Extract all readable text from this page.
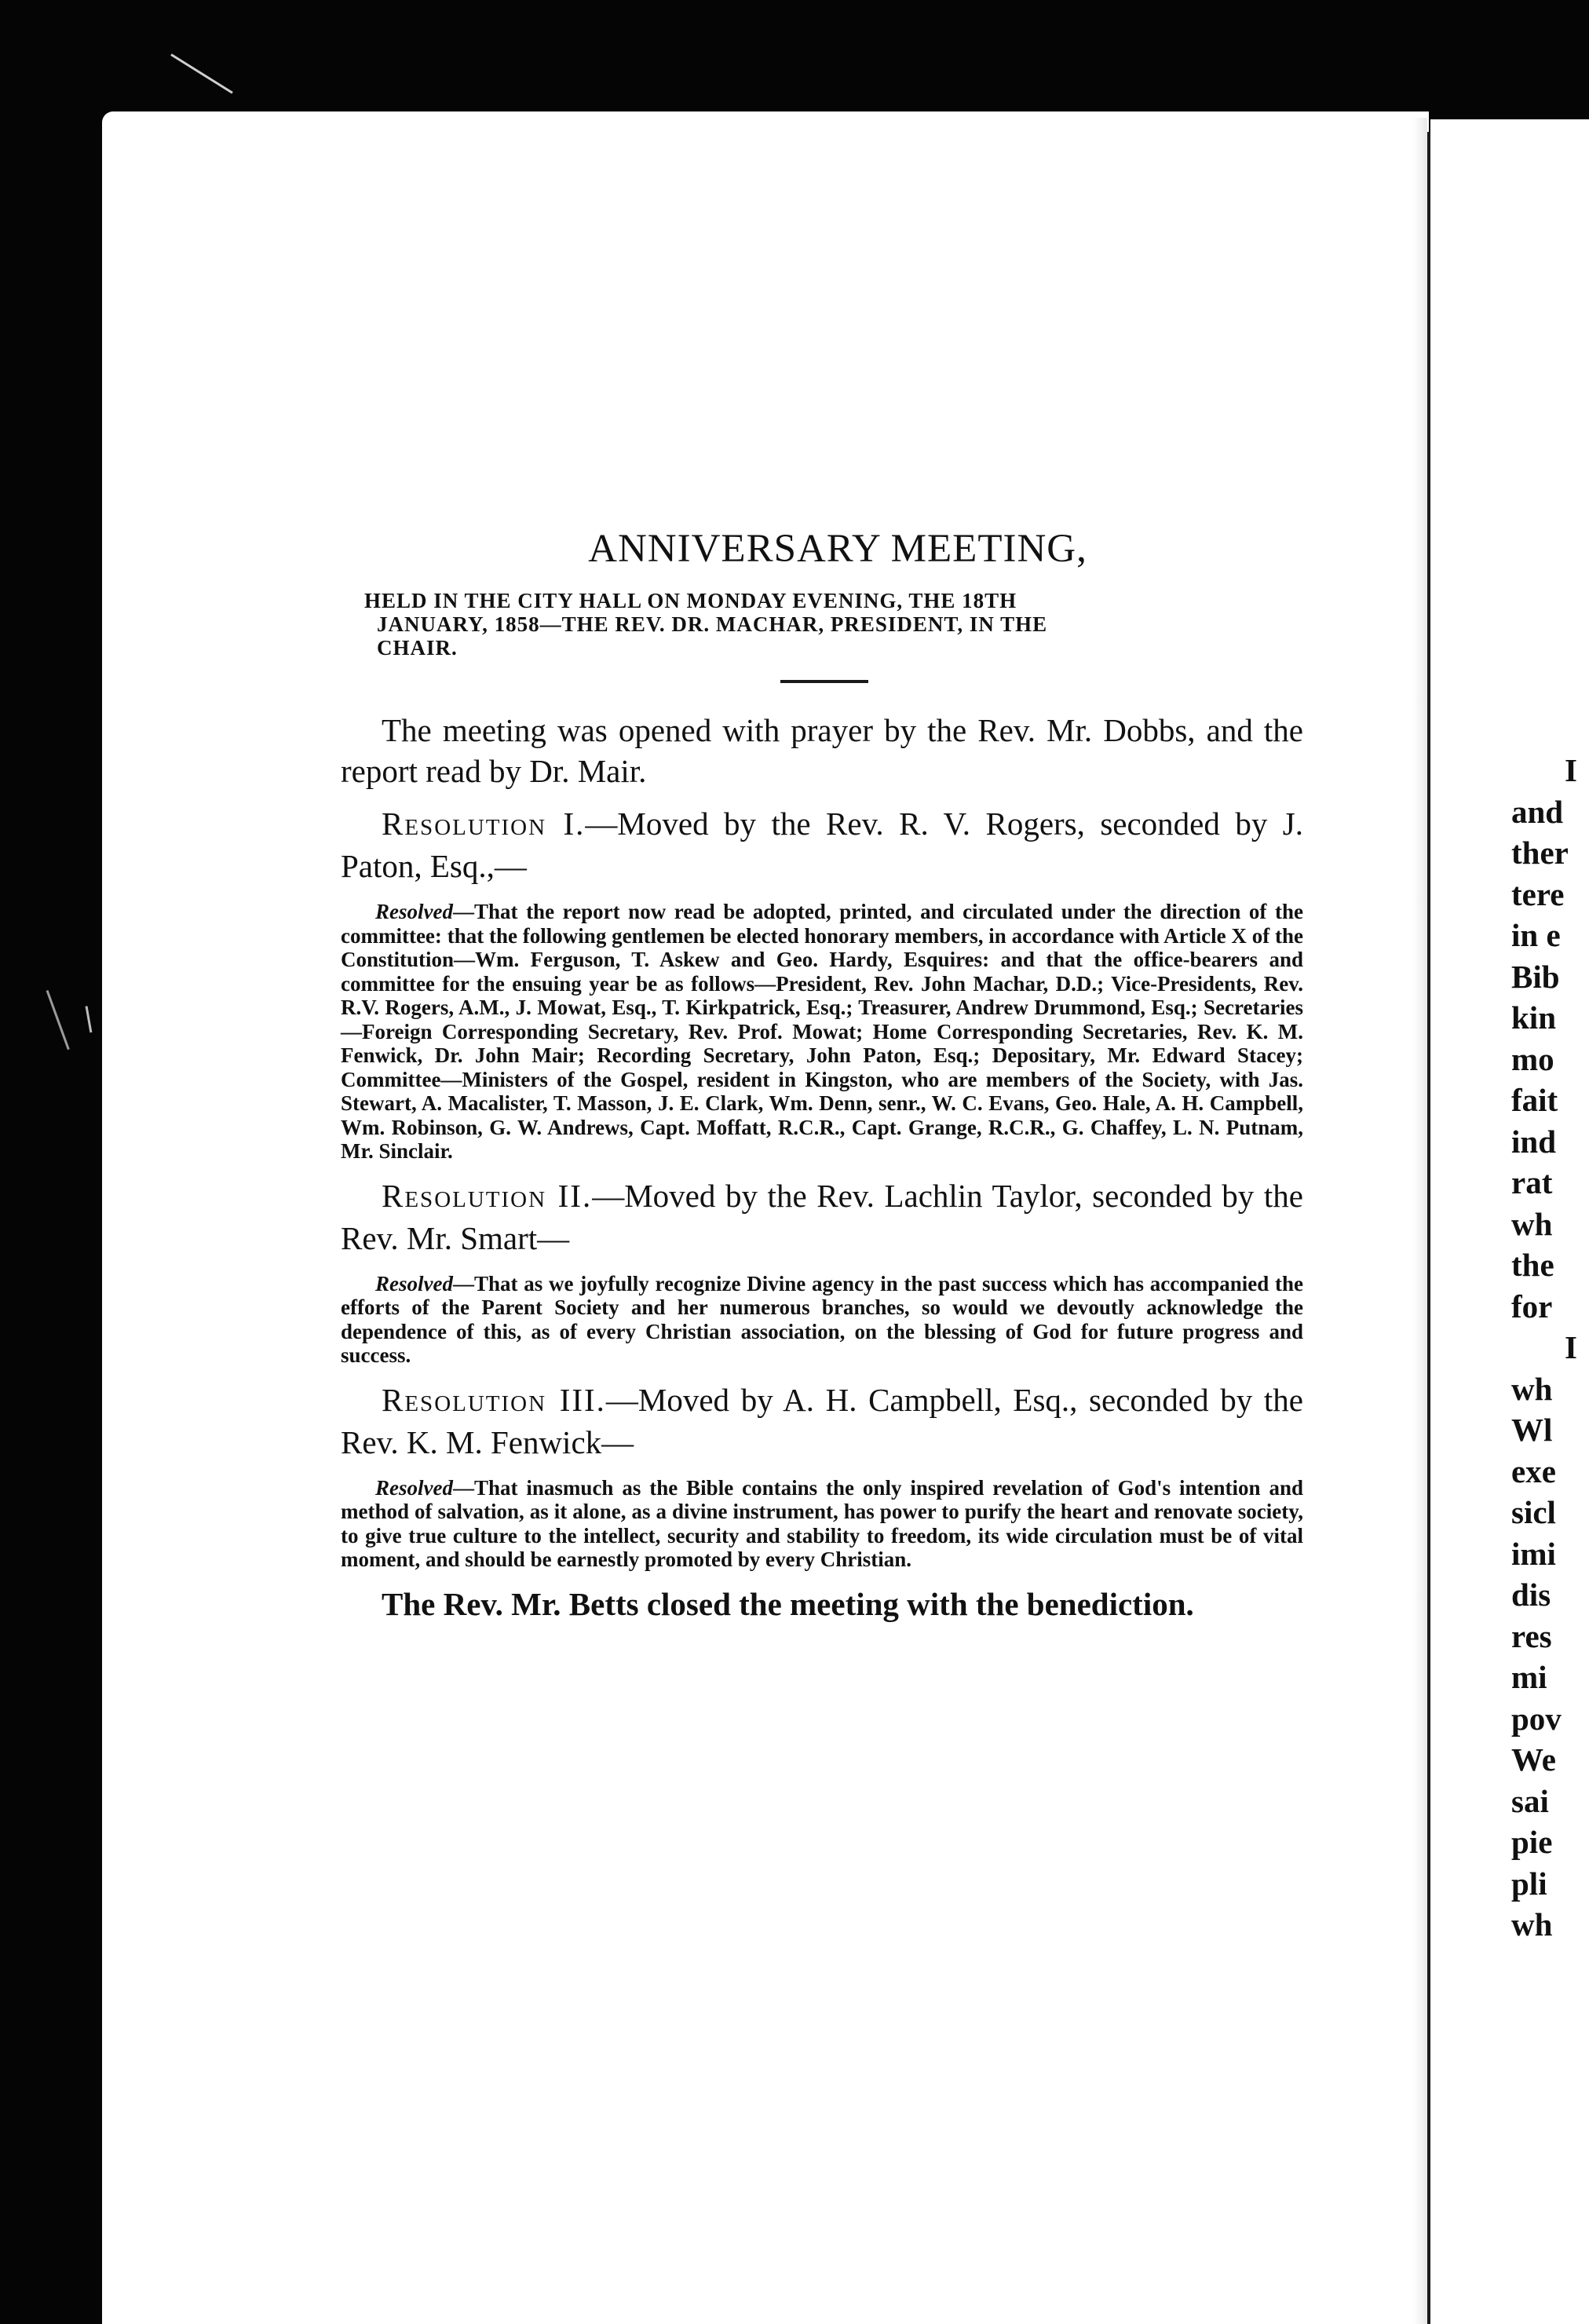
ANNIVERSARY MEETING,

HELD IN THE CITY HALL ON MONDAY EVENING, THE 18TH
JANUARY, 1858—THE REV. DR. MACHAR, PRESIDENT, IN THE
CHAIR.

The meeting was opened with prayer by the Rev. Mr. Dobbs, and the report read by Dr. Mair.

Resolution I.—Moved by the Rev. R. V. Rogers, seconded by J. Paton, Esq.,—

Resolved—That the report now read be adopted, printed, and circulated under the direction of the committee: that the following gentlemen be elected honorary members, in accordance with Article X of the Constitution—Wm. Ferguson, T. Askew and Geo. Hardy, Esquires: and that the office-bearers and committee for the ensuing year be as follows—President, Rev. John Machar, D.D.; Vice-Presidents, Rev. R.V. Rogers, A.M., J. Mowat, Esq., T. Kirkpatrick, Esq.; Treasurer, Andrew Drummond, Esq.; Secretaries—Foreign Corresponding Secretary, Rev. Prof. Mowat; Home Corresponding Secretaries, Rev. K. M. Fenwick, Dr. John Mair; Recording Secretary, John Paton, Esq.; Depositary, Mr. Edward Stacey; Committee—Ministers of the Gospel, resident in Kingston, who are members of the Society, with Jas. Stewart, A. Macalister, T. Masson, J. E. Clark, Wm. Denn, senr., W. C. Evans, Geo. Hale, A. H. Campbell, Wm. Robinson, G. W. Andrews, Capt. Moffatt, R.C.R., Capt. Grange, R.C.R., G. Chaffey, L. N. Putnam, Mr. Sinclair.

Resolution II.—Moved by the Rev. Lachlin Taylor, seconded by the Rev. Mr. Smart—

Resolved—That as we joyfully recognize Divine agency in the past success which has accompanied the efforts of the Parent Society and her numerous branches, so would we devoutly acknowledge the dependence of this, as of every Christian association, on the blessing of God for future progress and success.

Resolution III.—Moved by A. H. Campbell, Esq., seconded by the Rev. K. M. Fenwick—

Resolved—That inasmuch as the Bible contains the only inspired revelation of God's intention and method of salvation, as it alone, as a divine instrument, has power to purify the heart and renovate society, to give true culture to the intellect, security and stability to freedom, its wide circulation must be of vital moment, and should be earnestly promoted by every Christian.

The Rev. Mr. Betts closed the meeting with the benediction.

I
and
ther
tere
in e
Bib
kin
mo
fait
ind
rat
wh
the
for
I
wh
Wl
exe
sicl
imi
dis
res
mi
pov
We
sai
pie
pli
wh
